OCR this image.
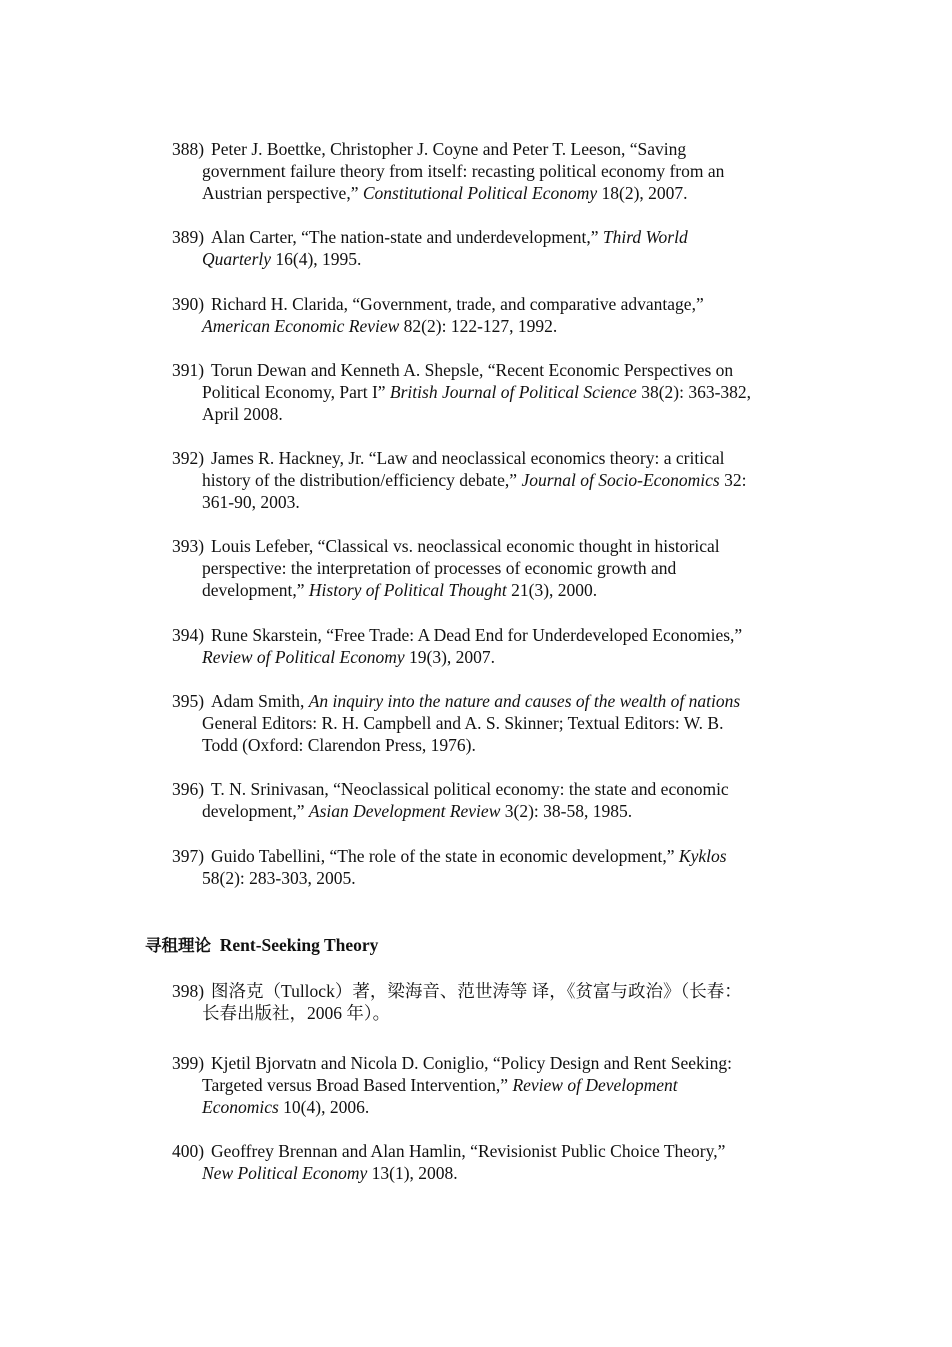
388) Peter J. Boettke, Christopher J. Coyne and Peter T. Leeson, “Saving
government failure theory from itself: recasting political economy from an
Austrian perspective,” Constitutional Political Economy 18(2), 2007.
389) Alan Carter, “The nation-state and underdevelopment,” Third World
Quarterly 16(4), 1995.
390) Richard H. Clarida, “Government, trade, and comparative advantage,”
American Economic Review 82(2): 122-127, 1992.
391) Torun Dewan and Kenneth A. Shepsle, “Recent Economic Perspectives on
Political Economy, Part I” British Journal of Political Science 38(2): 363-382,
April 2008.
392) James R. Hackney, Jr. “Law and neoclassical economics theory: a critical
history of the distribution/efficiency debate,” Journal of Socio-Economics 32:
361-90, 2003.
393) Louis Lefeber, “Classical vs. neoclassical economic thought in historical
perspective: the interpretation of processes of economic growth and
development,” History of Political Thought 21(3), 2000.
394) Rune Skarstein, “Free Trade: A Dead End for Underdeveloped Economies,”
Review of Political Economy 19(3), 2007.
395) Adam Smith, An inquiry into the nature and causes of the wealth of nations
General Editors: R. H. Campbell and A. S. Skinner; Textual Editors: W. B.
Todd (Oxford: Clarendon Press, 1976).
396) T. N. Srinivasan, “Neoclassical political economy: the state and economic
development,” Asian Development Review 3(2): 38-58, 1985.
397) Guido Tabellini, “The role of the state in economic development,” Kyklos
58(2): 283-303, 2005.
寻租理论 Rent-Seeking Theory
398) 图洛克（Tullock）著，梁海音、范世涛等 译，《贫富与政治》（长春：
长春出版社，2006 年）。
399) Kjetil Bjorvatn and Nicola D. Coniglio, “Policy Design and Rent Seeking:
Targeted versus Broad Based Intervention,” Review of Development
Economics 10(4), 2006.
400) Geoffrey Brennan and Alan Hamlin, “Revisionist Public Choice Theory,”
New Political Economy 13(1), 2008.
